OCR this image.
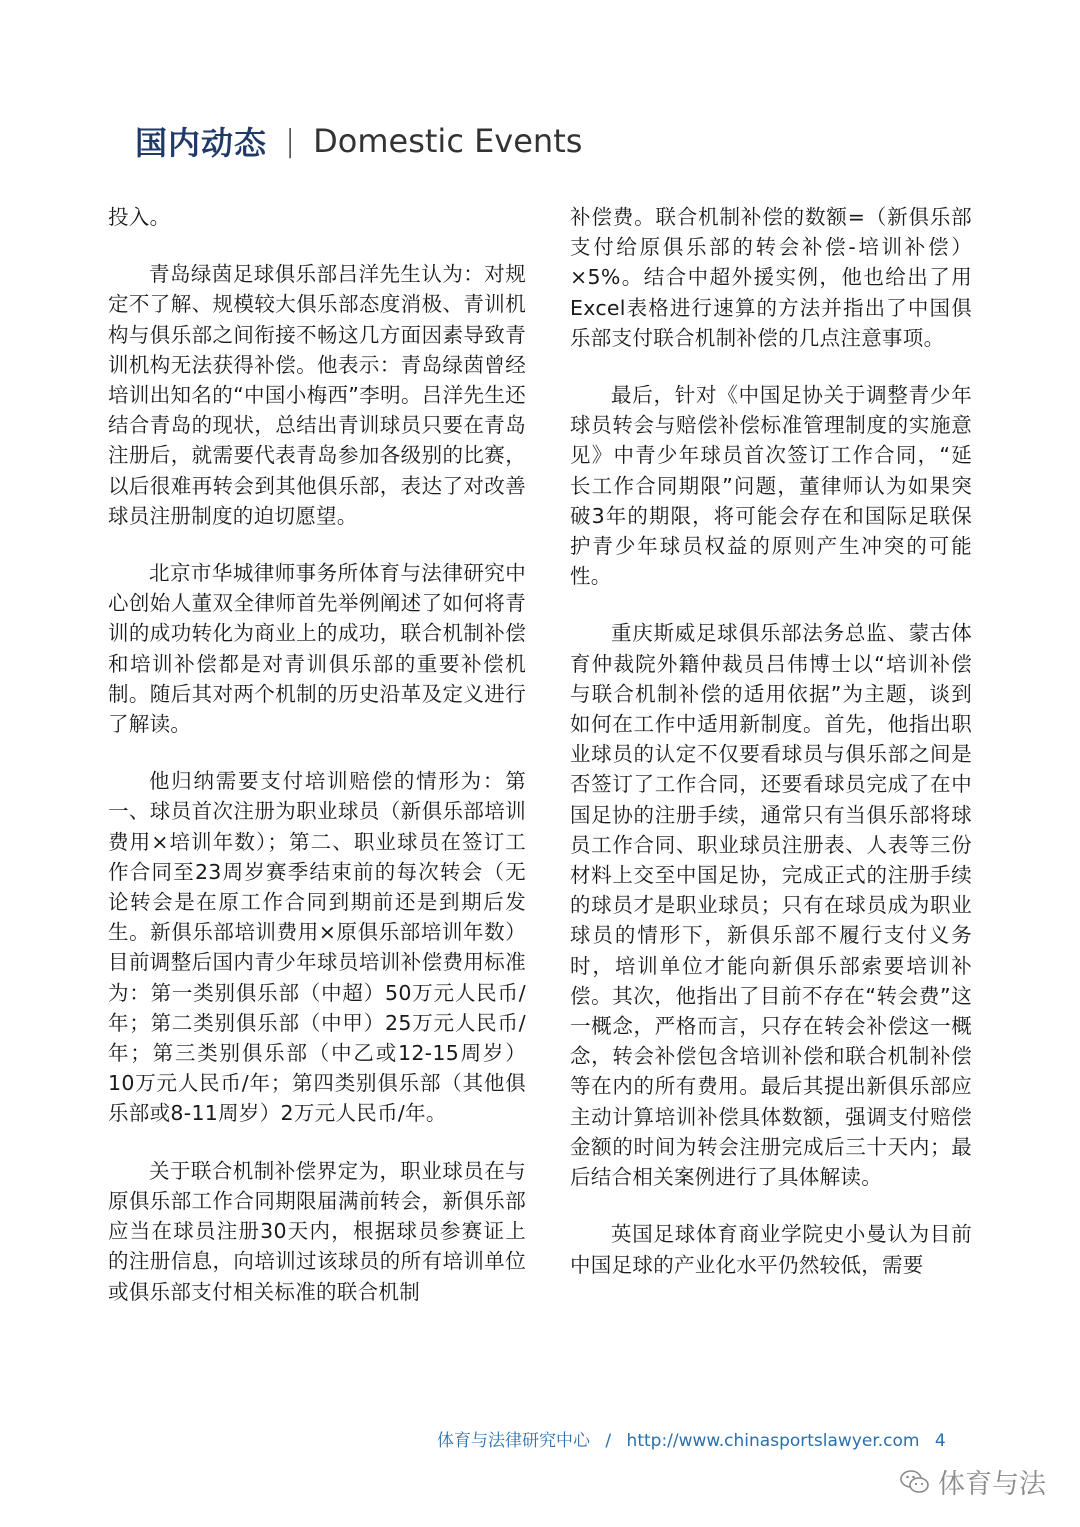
国内动态 | Domestic Events

投入。

青岛绿茵足球俱乐部吕洋先生认为：对规定不了解、规模较大俱乐部态度消极、青训机构与俱乐部之间衔接不畅这几方面因素导致青训机构无法获得补偿。他表示：青岛绿茵曾经培训出知名的“中国小梅西”李明。吕洋先生还结合青岛的现状，总结出青训球员只要在青岛注册后，就需要代表青岛参加各级别的比赛，以后很难再转会到其他俱乐部，表达了对改善球员注册制度的迫切愿望。

北京市华城律师事务所体育与法律研究中心创始人董双全律师首先举例阐述了如何将青训的成功转化为商业上的成功，联合机制补偿和培训补偿都是对青训俱乐部的重要补偿机制。随后其对两个机制的历史沿革及定义进行了解读。

他归纳需要支付培训赔偿的情形为：第一、球员首次注册为职业球员（新俱乐部培训费用×培训年数）；第二、职业球员在签订工作合同至23周岁赛季结束前的每次转会（无论转会是在原工作合同到期前还是到期后发生。新俱乐部培训费用×原俱乐部培训年数）目前调整后国内青少年球员培训补偿费用标准为：第一类别俱乐部（中超）50万元人民币/年；第二类别俱乐部（中甲）25万元人民币/年；第三类别俱乐部（中乙或12-15周岁）10万元人民币/年；第四类别俱乐部（其他俱乐部或8-11周岁）2万元人民币/年。

关于联合机制补偿界定为，职业球员在与原俱乐部工作合同期限届满前转会，新俱乐部应当在球员注册30天内，根据球员参赛证上的注册信息，向培训过该球员的所有培训单位或俱乐部支付相关标准的联合机制

补偿费。联合机制补偿的数额=（新俱乐部支付给原俱乐部的转会补偿-培训补偿）×5%。结合中超外援实例，他也给出了用Excel表格进行速算的方法并指出了中国俱乐部支付联合机制补偿的几点注意事项。

最后，针对《中国足协关于调整青少年球员转会与赔偿补偿标准管理制度的实施意见》中青少年球员首次签订工作合同，“延长工作合同期限”问题，董律师认为如果突破3年的期限，将可能会存在和国际足联保护青少年球员权益的原则产生冲突的可能性。

重庆斯威足球俱乐部法务总监、蒙古体育仲裁院外籍仲裁员吕伟博士以“培训补偿与联合机制补偿的适用依据”为主题，谈到如何在工作中适用新制度。首先，他指出职业球员的认定不仅要看球员与俱乐部之间是否签订了工作合同，还要看球员完成了在中国足协的注册手续，通常只有当俱乐部将球员工作合同、职业球员注册表、人表等三份材料上交至中国足协，完成正式的注册手续的球员才是职业球员；只有在球员成为职业球员的情形下，新俱乐部不履行支付义务时，培训单位才能向新俱乐部索要培训补偿。其次，他指出了目前不存在“转会费”这一概念，严格而言，只存在转会补偿这一概念，转会补偿包含培训补偿和联合机制补偿等在内的所有费用。最后其提出新俱乐部应主动计算培训补偿具体数额，强调支付赔偿金额的时间为转会注册完成后三十天内；最后结合相关案例进行了具体解读。

英国足球体育商业学院史小曼认为目前中国足球的产业化水平仍然较低，需要

体育与法律研究中心 / http://www.chinasportslawyer.com 4
体育与法
